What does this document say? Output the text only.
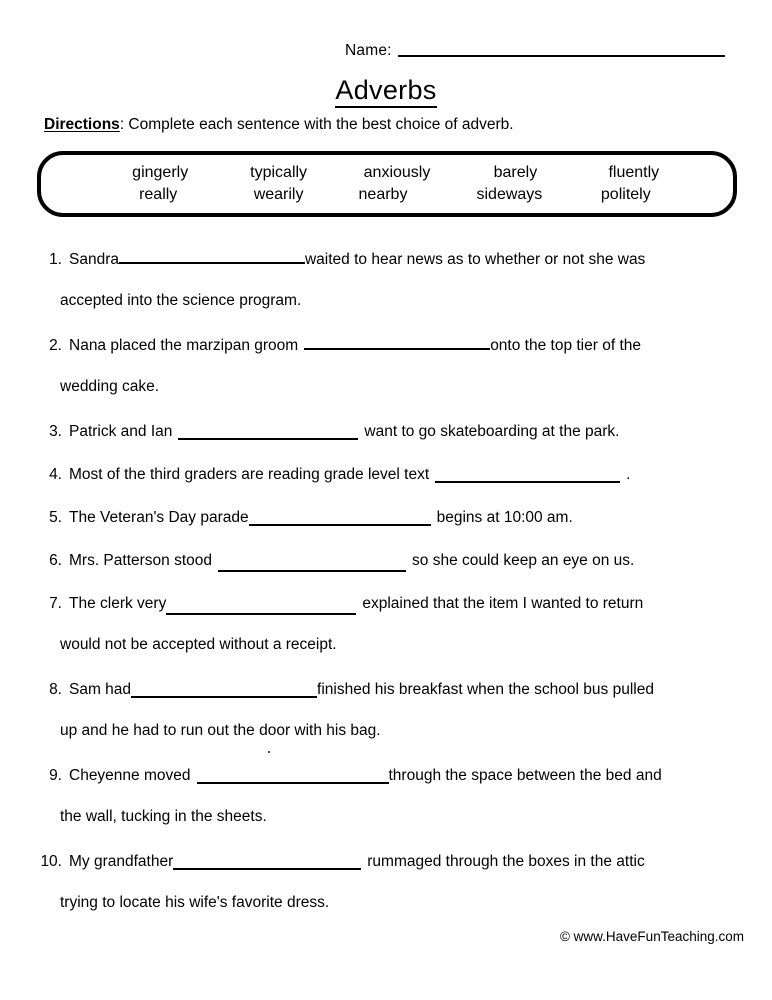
Name:
Adverbs
Directions: Complete each sentence with the best choice of adverb.
gingerly
really
typically
wearily
anxiously
nearby
barely
sideways
fluently
politely
1. Sandra	waited to hear news as to whether or not she was
accepted into the science program.
2. Nana placed the marzipan groom	onto the top tier of the
wedding cake.
3. Patrick and Ian	want to go skateboarding at the park.
4. Most of the third graders are reading grade level text	.
5. The Veteran's Day parade	begins at 10:00 am.
6. Mrs. Patterson stood	so she could keep an eye on us.
7. The clerk very	explained that the item I wanted to return
would not be accepted without a receipt.
8. Sam had	finished his breakfast when the school bus pulled
up and he had to run out the door with his bag.
9. Cheyenne moved	through the space between the bed and
the wall, tucking in the sheets.
10. My grandfather	rummaged through the boxes in the attic
trying to locate his wife's favorite dress.
© www.HaveFunTeaching.com
